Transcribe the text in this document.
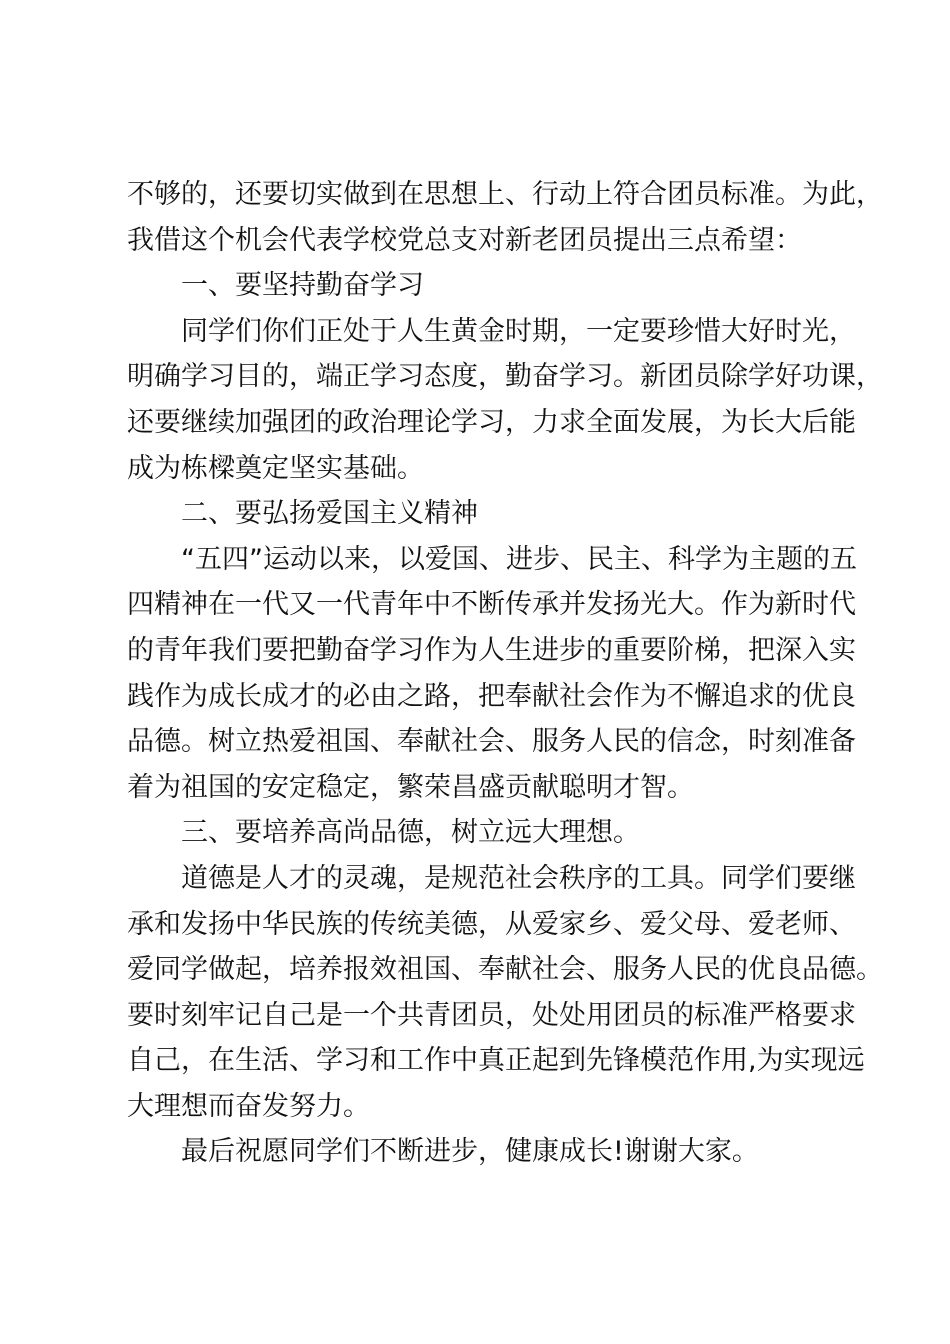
不够的，还要切实做到在思想上、行动上符合团员标准。为此，
我借这个机会代表学校党总支对新老团员提出三点希望：
一、要坚持勤奋学习
同学们你们正处于人生黄金时期，一定要珍惜大好时光，
明确学习目的，端正学习态度，勤奋学习。新团员除学好功课，
还要继续加强团的政治理论学习，力求全面发展，为长大后能
成为栋樑奠定坚实基础。
二、要弘扬爱国主义精神
“五四”运动以来，以爱国、进步、民主、科学为主题的五
四精神在一代又一代青年中不断传承并发扬光大。作为新时代
的青年我们要把勤奋学习作为人生进步的重要阶梯，把深入实
践作为成长成才的必由之路，把奉献社会作为不懈追求的优良
品德。树立热爱祖国、奉献社会、服务人民的信念，时刻准备
着为祖国的安定稳定，繁荣昌盛贡献聪明才智。
三、要培养高尚品德，树立远大理想。
道德是人才的灵魂，是规范社会秩序的工具。同学们要继
承和发扬中华民族的传统美德，从爱家乡、爱父母、爱老师、
爱同学做起，培养报效祖国、奉献社会、服务人民的优良品德。
要时刻牢记自己是一个共青团员，处处用团员的标准严格要求
自己，在生活、学习和工作中真正起到先锋模范作用,为实现远
大理想而奋发努力。
最后祝愿同学们不断进步，健康成长!谢谢大家。
